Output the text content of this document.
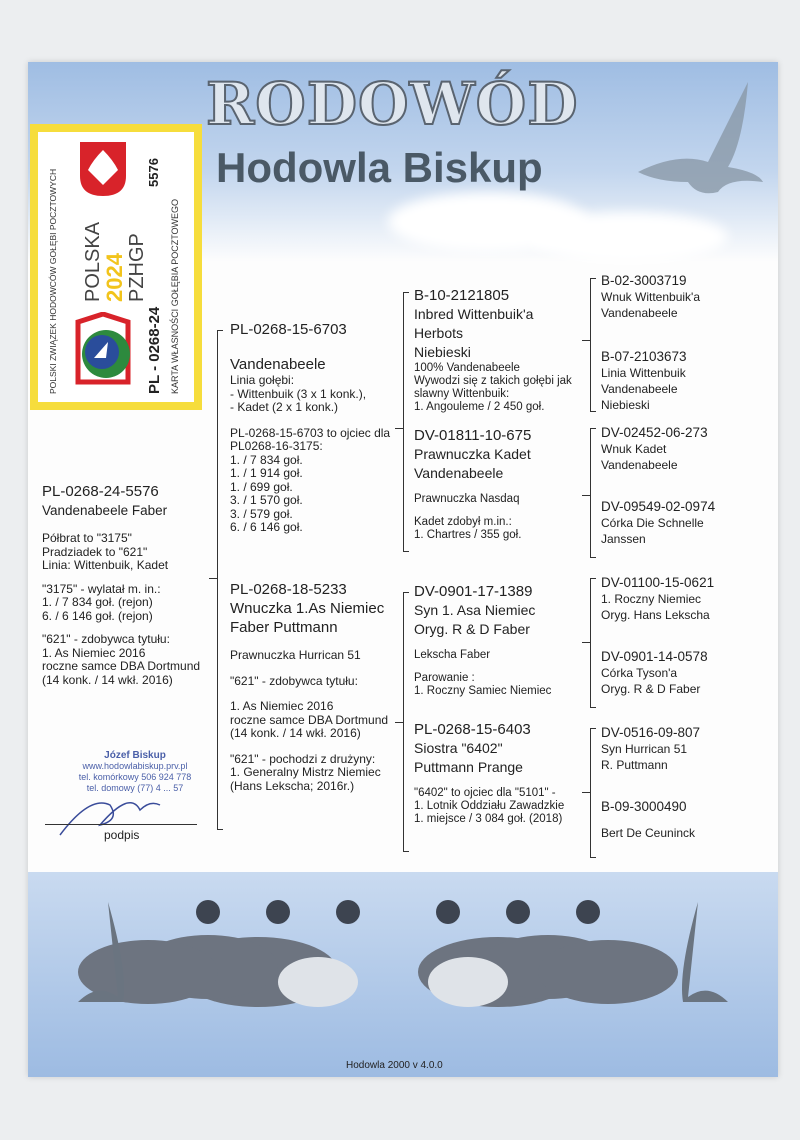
RODOWÓD
Hodowla Biskup
POLSKI ZWIĄZEK HODOWCÓW GOŁĘBI POCZTOWYCH POLSKA
2024 PZHGP
PL - 0268-24
5576
KARTA WŁASNOŚCI GOŁĘBIA POCZTOWEGO
Hodowla 2000 v 4.0.0
PL-0268-24-5576
Vandenabeele Faber
Półbrat to "3175"
Pradziadek to "621"
Linia: Wittenbuik, Kadet
"3175" - wylatał m. in.:
1. / 7 834 goł. (rejon)
6. / 6 146 goł. (rejon)
"621" - zdobywca tytułu:
1. As Niemiec 2016
roczne samce DBA Dortmund
(14 konk. / 14 wkł. 2016)
Józef Biskup
www.hodowlabiskup.prv.pl
tel. komórkowy 506 924 778
tel. domowy (77) 4 ... 57
podpis
PL-0268-15-6703
Vandenabeele
Linia gołębi:
- Wittenbuik (3 x 1 konk.),
- Kadet (2 x 1 konk.)
PL-0268-15-6703 to ojciec dla
PL0268-16-3175:
1. / 7 834 goł.
1. / 1 914 goł.
1. / 699 goł.
3. / 1 570 goł.
3. / 579 goł.
6. / 6 146 goł.
PL-0268-18-5233
Wnuczka 1.As Niemiec
Faber Puttmann
Prawnuczka Hurrican 51
"621" - zdobywca tytułu:
1. As Niemiec 2016
roczne samce DBA Dortmund
(14 konk. / 14 wkł. 2016)
"621" - pochodzi z drużyny:
1. Generalny Mistrz Niemiec
(Hans Lekscha; 2016r.)
B-10-2121805
Inbred Wittenbuik'a
Herbots
Niebieski
100% Vandenabeele
Wywodzi się z takich gołębi jak
slawny Wittenbuik:
1. Angouleme / 2 450 goł.
DV-01811-10-675
Prawnuczka Kadet
Vandenabeele
Prawnuczka Nasdaq
Kadet zdobył m.in.:
1. Chartres / 355 goł.
DV-0901-17-1389
Syn 1. Asa Niemiec
Oryg. R & D Faber
Lekscha Faber
Parowanie :
1. Roczny Samiec Niemiec
PL-0268-15-6403
Siostra "6402"
Puttmann Prange
"6402" to ojciec dla "5101" -
1. Lotnik Oddziału Zawadzkie
1. miejsce / 3 084 goł. (2018)
B-02-3003719
Wnuk Wittenbuik'a
Vandenabeele
B-07-2103673
Linia Wittenbuik
Vandenabeele
Niebieski
DV-02452-06-273
Wnuk Kadet
Vandenabeele
DV-09549-02-0974
Córka Die Schnelle
Janssen
DV-01100-15-0621
1. Roczny Niemiec
Oryg. Hans Lekscha
DV-0901-14-0578
Córka Tyson'a
Oryg. R & D Faber
DV-0516-09-807
Syn Hurrican 51
R. Puttmann
B-09-3000490
Bert De Ceuninck
